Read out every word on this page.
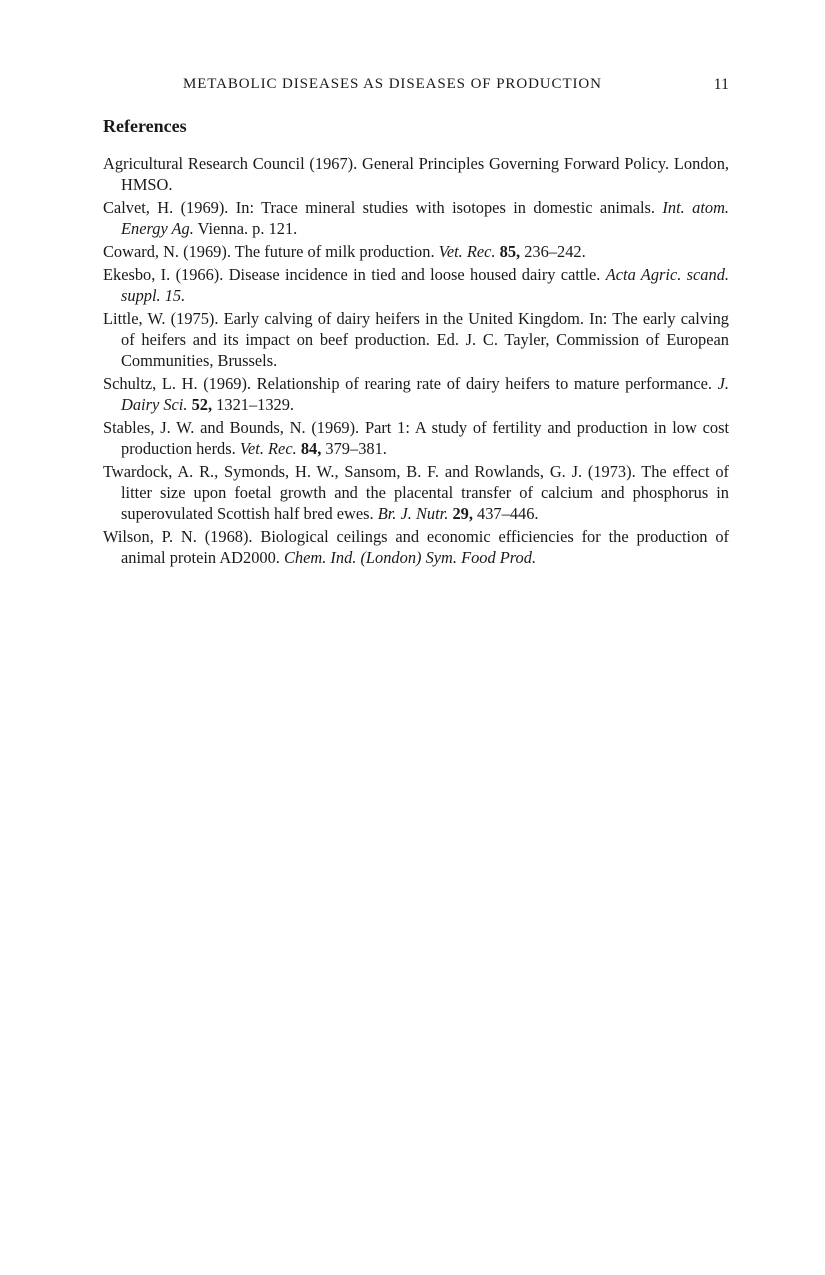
METABOLIC DISEASES AS DISEASES OF PRODUCTION	11
References
Agricultural Research Council (1967). General Principles Governing Forward Policy. London, HMSO.
Calvet, H. (1969). In: Trace mineral studies with isotopes in domestic animals. Int. atom. Energy Ag. Vienna. p. 121.
Coward, N. (1969). The future of milk production. Vet. Rec. 85, 236–242.
Ekesbo, I. (1966). Disease incidence in tied and loose housed dairy cattle. Acta Agric. scand. suppl. 15.
Little, W. (1975). Early calving of dairy heifers in the United Kingdom. In: The early calving of heifers and its impact on beef production. Ed. J. C. Tayler, Commission of European Communities, Brussels.
Schultz, L. H. (1969). Relationship of rearing rate of dairy heifers to mature performance. J. Dairy Sci. 52, 1321–1329.
Stables, J. W. and Bounds, N. (1969). Part 1: A study of fertility and production in low cost production herds. Vet. Rec. 84, 379–381.
Twardock, A. R., Symonds, H. W., Sansom, B. F. and Rowlands, G. J. (1973). The effect of litter size upon foetal growth and the placental transfer of calcium and phosphorus in superovulated Scottish half bred ewes. Br. J. Nutr. 29, 437–446.
Wilson, P. N. (1968). Biological ceilings and economic efficiencies for the production of animal protein AD2000. Chem. Ind. (London) Sym. Food Prod.
